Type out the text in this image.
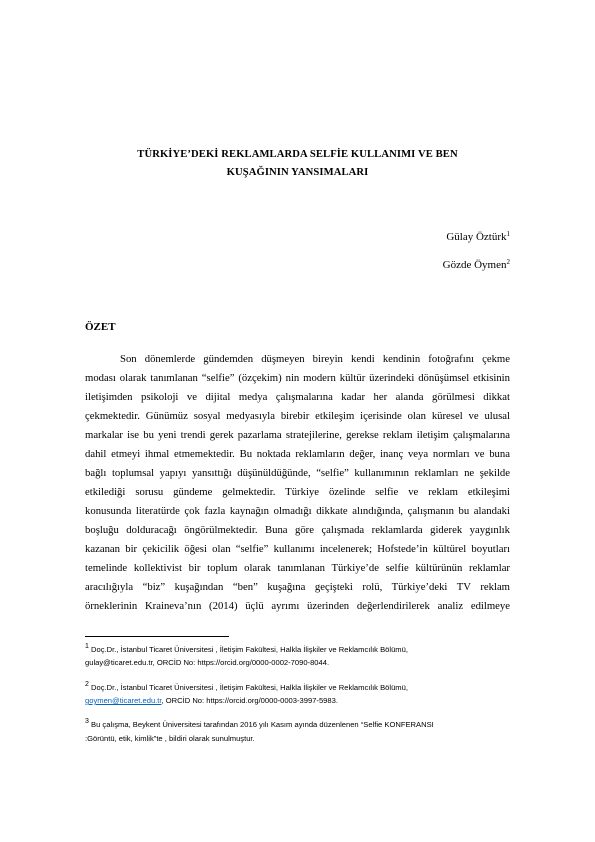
TÜRKİYE’DEKİ REKLAMLARDA SELFİE KULLANIMI VE BEN
KUŞAĞININ YANSIMALARI
Gülay Öztürk$^1$
Gözde Öymen$^2$
ÖZET
Son dönemlerde gündemden düşmeyen bireyin kendi kendinin fotoğrafını çekme
modası olarak tanımlanan “selfie” (özçekim) nin modern kültür üzerindeki dönüşümsel etkisinin
iletişimden psikoloji ve dijital medya çalışmalarına kadar her alanda görülmesi dikkat
çekmektedir. Günümüz sosyal medyasıyla birebir etkileşim içerisinde olan küresel ve ulusal
markalar ise bu yeni trendi gerek pazarlama stratejilerine, gerekse reklam iletişim çalışmalarına
dahil etmeyi ihmal etmemektedir. Bu noktada reklamların değer, inanç veya normları ve buna
bağlı toplumsal yapıyı yansıttığı düşünüldüğünde, “selfie” kullanımının reklamları ne şekilde
etkilediği sorusu gündeme gelmektedir. Türkiye özelinde selfie ve reklam etkileşimi
konusunda literatürde çok fazla kaynağın olmadığı dikkate alındığında, çalışmanın bu alandaki
boşluğu dolduracağı öngörülmektedir. Buna göre çalışmada reklamlarda giderek yaygınlık
kazanan bir çekicilik öğesi olan “selfie” kullanımı incelenerek; Hofstede’in kültürel boyutları
temelinde kollektivist bir toplum olarak tanımlanan Türkiye’de selfie kültürünün reklamlar
aracılığıyla “biz” kuşağından “ben” kuşağına geçişteki rolü, Türkiye’deki TV reklam
örneklerinin Kraineva’nın (2014) üçlü ayrımı üzerinden değerlendirilerek analiz edilmeye
$^1$ Doç.Dr., İstanbul Ticaret Üniversitesi , İletişim Fakültesi, Halkla İlişkiler ve Reklamcılık Bölümü,
gulay@ticaret.edu.tr, ORCİD No: https://orcid.org/0000-0002-7090-8044.
$^2$ Doç.Dr., İstanbul Ticaret Üniversitesi , İletişim Fakültesi, Halkla İlişkiler ve Reklamcılık Bölümü,
goymen@ticaret.edu.tr, ORCİD No: https://orcid.org/0000-0003-3997-5983.
$^3$ Bu çalışma, Beykent Üniversitesi tarafından 2016 yılı Kasım ayında düzenlenen “Selfie KONFERANSI
:Görüntü, etik, kimlik”te , bildiri olarak sunulmuştur.
